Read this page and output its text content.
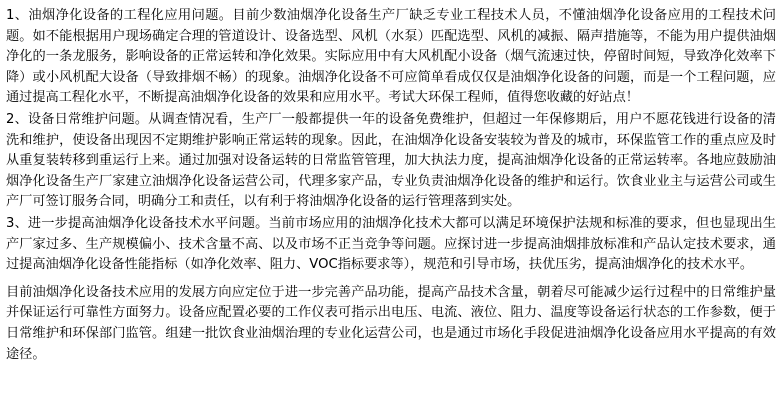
1、油烟净化设备的工程化应用问题。目前少数油烟净化设备生产厂缺乏专业工程技术人员，不懂油烟净化设备应用的工程技术问题。如不能根据用户现场确定合理的管道设计、设备选型、风机（水泵）匹配选型、风机的减振、隔声措施等，不能为用户提供油烟净化的一条龙服务，影响设备的正常运转和净化效果。实际应用中有大风机配小设备（烟气流速过快，停留时间短，导致净化效率下降）或小风机配大设备（导致排烟不畅）的现象。油烟净化设备不可应简单看成仅仅是油烟净化设备的问题，而是一个工程问题，应通过提高工程化水平，不断提高油烟净化设备的效果和应用水平。考试大环保工程师，值得您收藏的好站点！

2、设备日常维护问题。从调查情况看，生产厂一般都提供一年的设备免费维护，但超过一年保修期后，用户不愿花钱进行设备的清洗和维护，使设备出现因不定期维护影响正常运转的现象。因此，在油烟净化设备安装较为普及的城市，环保监管工作的重点应及时从重复装转移到重运行上来。通过加强对设备运转的日常监管管理，加大执法力度，提高油烟净化设备的正常运转率。各地应鼓励油烟净化设备生产厂家建立油烟净化设备运营公司，代理多家产品，专业负责油烟净化设备的维护和运行。饮食业业主与运营公司或生产厂可签订服务合同，明确分工和责任，以有利于将油烟净化设备的运行管理落到实处。

3、进一步提高油烟净化设备技术水平问题。当前市场应用的油烟净化技术大都可以满足环境保护法规和标准的要求，但也显现出生产厂家过多、生产规模偏小、技术含量不高、以及市场不正当竞争等问题。应探讨进一步提高油烟排放标准和产品认定技术要求，通过提高油烟净化设备性能指标（如净化效率、阻力、VOC指标要求等），规范和引导市场，扶优压劣，提高油烟净化的技术水平。

目前油烟净化设备技术应用的发展方向应定位于进一步完善产品功能，提高产品技术含量，朝着尽可能减少运行过程中的日常维护量并保证运行可靠性方面努力。设备应配置必要的工作仪表可指示出电压、电流、液位、阻力、温度等设备运行状态的工作参数，便于日常维护和环保部门监管。组建一批饮食业油烟治理的专业化运营公司，也是通过市场化手段促进油烟净化设备应用水平提高的有效途径。
